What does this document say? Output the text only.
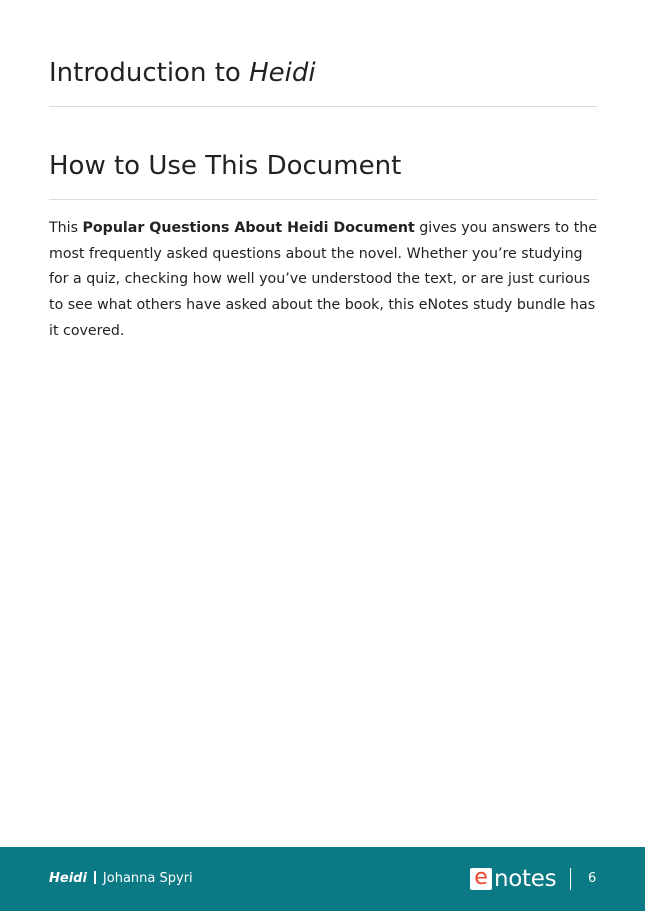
Introduction to Heidi
How to Use This Document

This Popular Questions About Heidi Document gives you answers to the most frequently asked questions about the novel. Whether you’re studying for a quiz, checking how well you’ve understood the text, or are just curious to see what others have asked about the book, this eNotes study bundle has it covered.

Heidi Johanna Spyri	e notes 6
